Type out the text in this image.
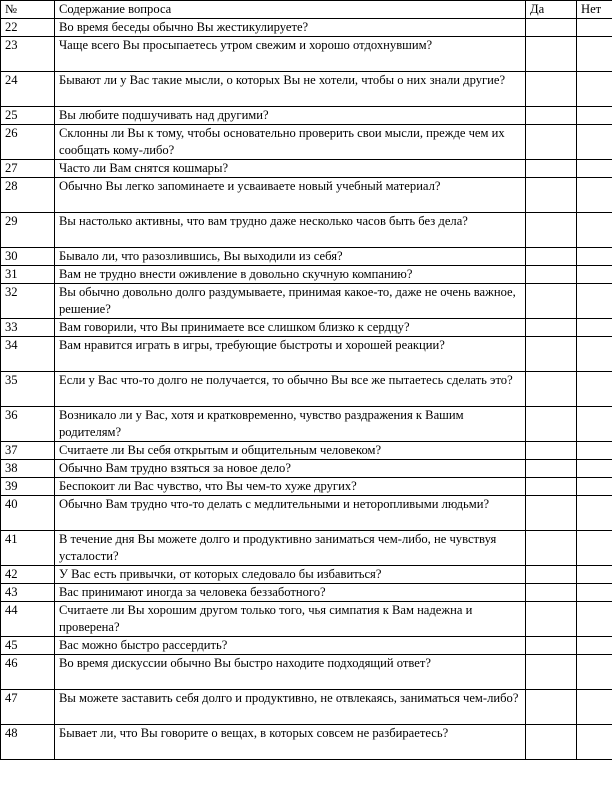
№	Содержание вопроса	Да	Нет
22	Во время беседы обычно Вы жестикулируете?		
23	Чаще всего Вы просыпаетесь утром свежим и хорошо отдохнувшим?		
24	Бывают ли у Вас такие мысли, о которых Вы не хотели, чтобы о них знали другие?		
25	Вы любите подшучивать над другими?		
26	Склонны ли Вы к тому, чтобы основательно проверить свои мысли, прежде чем их сообщать кому-либо?		
27	Часто ли Вам снятся кошмары?		
28	Обычно Вы легко запоминаете и усваиваете новый учебный материал?		
29	Вы настолько активны, что вам трудно даже несколько часов быть без дела?		
30	Бывало ли, что разозлившись, Вы выходили из себя?		
31	Вам не трудно внести оживление в довольно скучную компанию?		
32	Вы обычно довольно долго раздумываете, принимая какое-то, даже не очень важное, решение?		
33	Вам говорили, что Вы принимаете все слишком близко к сердцу?		
34	Вам нравится играть в игры, требующие быстроты и хорошей реакции?		
35	Если у Вас что-то долго не получается, то обычно Вы все же пытаетесь сделать это?		
36	Возникало ли у Вас, хотя и кратковременно, чувство раздражения к Вашим родителям?		
37	Считаете ли Вы себя открытым и общительным человеком?		
38	Обычно Вам трудно взяться за новое дело?		
39	Беспокоит ли Вас чувство, что Вы чем-то хуже других?		
40	Обычно Вам трудно что-то делать с медлительными и неторопливыми людьми?		
41	В течение дня Вы можете долго и продуктивно заниматься чем-либо, не чувствуя усталости?		
42	У Вас есть привычки, от которых следовало бы избавиться?		
43	Вас принимают иногда за человека беззаботного?		
44	Считаете ли Вы хорошим другом только того, чья симпатия к Вам надежна и проверена?		
45	Вас можно быстро рассердить?		
46	Во время дискуссии обычно Вы быстро находите подходящий ответ?		
47	Вы можете заставить себя долго и продуктивно, не отвлекаясь, заниматься чем-либо?		
48	Бывает ли, что Вы говорите о вещах, в которых совсем не разбираетесь?		
